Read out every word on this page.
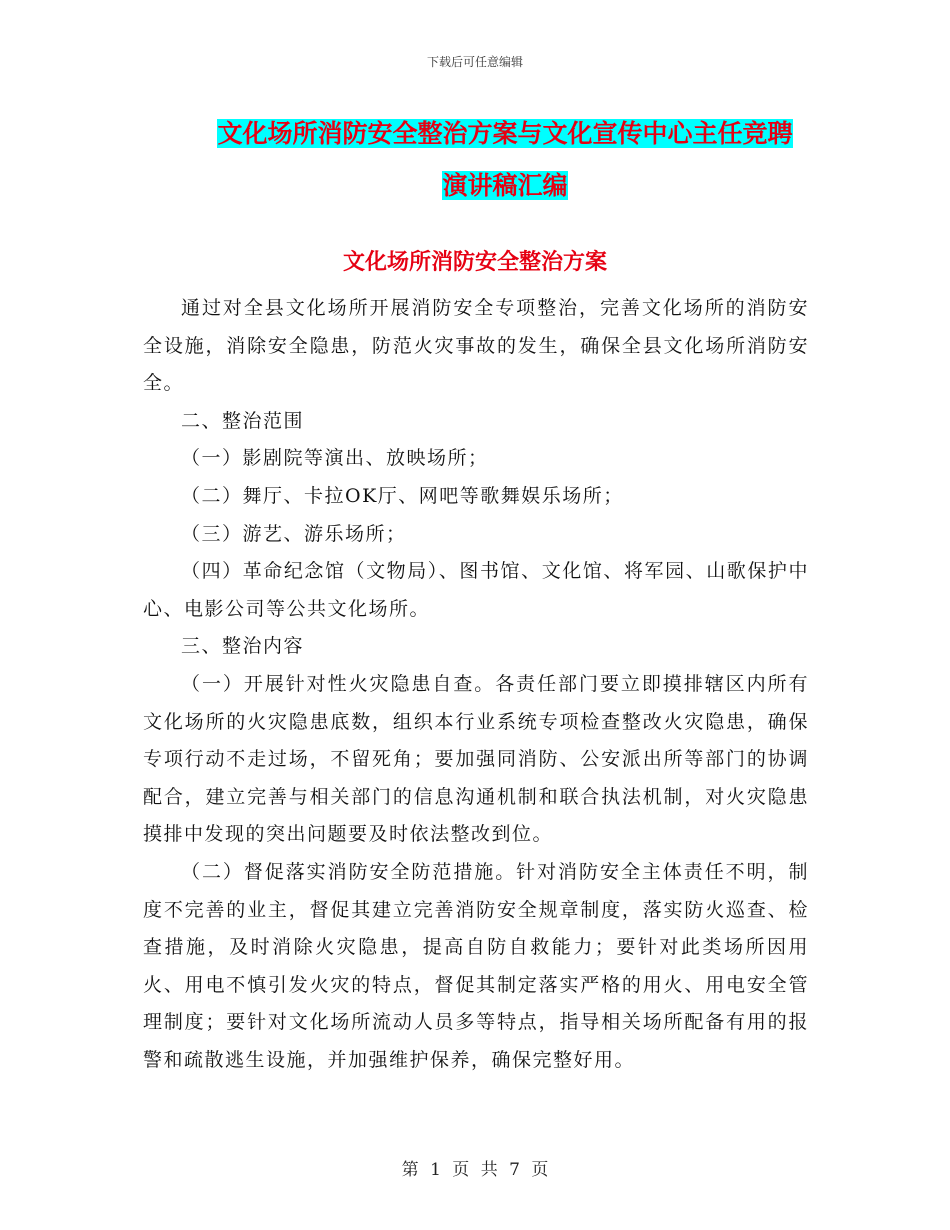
下载后可任意编辑
文化场所消防安全整治方案与文化宣传中心主任竞聘
演讲稿汇编
文化场所消防安全整治方案

通过对全县文化场所开展消防安全专项整治，完善文化场所的消防安全设施，消除安全隐患，防范火灾事故的发生，确保全县文化场所消防安全。

二、整治范围

（一）影剧院等演出、放映场所；

（二）舞厅、卡拉OK厅、网吧等歌舞娱乐场所；

（三）游艺、游乐场所；

（四）革命纪念馆（文物局）、图书馆、文化馆、将军园、山歌保护中心、电影公司等公共文化场所。

三、整治内容

（一）开展针对性火灾隐患自查。各责任部门要立即摸排辖区内所有文化场所的火灾隐患底数，组织本行业系统专项检查整改火灾隐患，确保专项行动不走过场，不留死角；要加强同消防、公安派出所等部门的协调配合，建立完善与相关部门的信息沟通机制和联合执法机制，对火灾隐患摸排中发现的突出问题要及时依法整改到位。

（二）督促落实消防安全防范措施。针对消防安全主体责任不明，制度不完善的业主，督促其建立完善消防安全规章制度，落实防火巡查、检查措施，及时消除火灾隐患，提高自防自救能力；要针对此类场所因用火、用电不慎引发火灾的特点，督促其制定落实严格的用火、用电安全管理制度；要针对文化场所流动人员多等特点，指导相关场所配备有用的报警和疏散逃生设施，并加强维护保养，确保完整好用。

第 1 页 共 7 页
